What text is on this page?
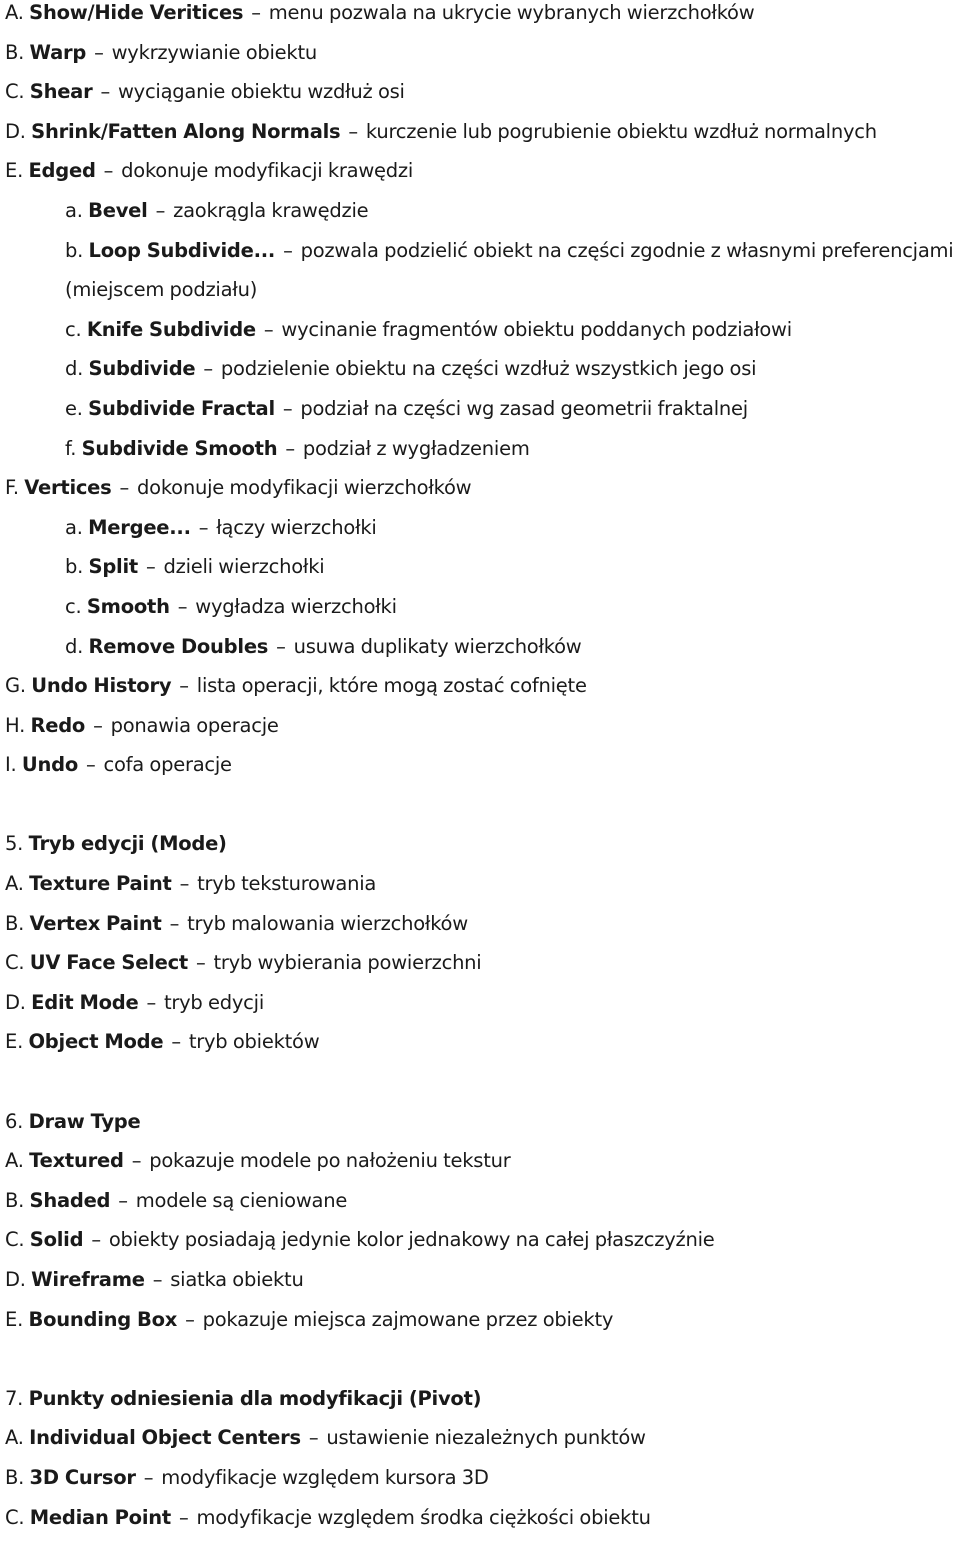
A. Show/Hide Veritices – menu pozwala na ukrycie wybranych wierzchołków
B. Warp – wykrzywianie obiektu
C. Shear – wyciąganie obiektu wzdłuż osi
D. Shrink/Fatten Along Normals – kurczenie lub pogrubienie obiektu wzdłuż normalnych
E. Edged – dokonuje modyfikacji krawędzi
a. Bevel – zaokrągla krawędzie
b. Loop Subdivide... – pozwala podzielić obiekt na części zgodnie z własnymi preferencjami
(miejscem podziału)
c. Knife Subdivide – wycinanie fragmentów obiektu poddanych podziałowi
d. Subdivide – podzielenie obiektu na części wzdłuż wszystkich jego osi
e. Subdivide Fractal – podział na części wg zasad geometrii fraktalnej
f. Subdivide Smooth – podział z wygładzeniem
F. Vertices – dokonuje modyfikacji wierzchołków
a. Mergee... – łączy wierzchołki
b. Split – dzieli wierzchołki
c. Smooth – wygładza wierzchołki
d. Remove Doubles – usuwa duplikaty wierzchołków
G. Undo History – lista operacji, które mogą zostać cofnięte
H. Redo – ponawia operacje
I. Undo – cofa operacje
5. Tryb edycji (Mode)
A. Texture Paint – tryb teksturowania
B. Vertex Paint – tryb malowania wierzchołków
C. UV Face Select – tryb wybierania powierzchni
D. Edit Mode – tryb edycji
E. Object Mode – tryb obiektów
6. Draw Type
A. Textured – pokazuje modele po nałożeniu tekstur
B. Shaded – modele są cieniowane
C. Solid – obiekty posiadają jedynie kolor jednakowy na całej płaszczyźnie
D. Wireframe – siatka obiektu
E. Bounding Box – pokazuje miejsca zajmowane przez obiekty
7. Punkty odniesienia dla modyfikacji (Pivot)
A. Individual Object Centers – ustawienie niezależnych punktów
B. 3D Cursor – modyfikacje względem kursora 3D
C. Median Point – modyfikacje względem środka ciężkości obiektu
